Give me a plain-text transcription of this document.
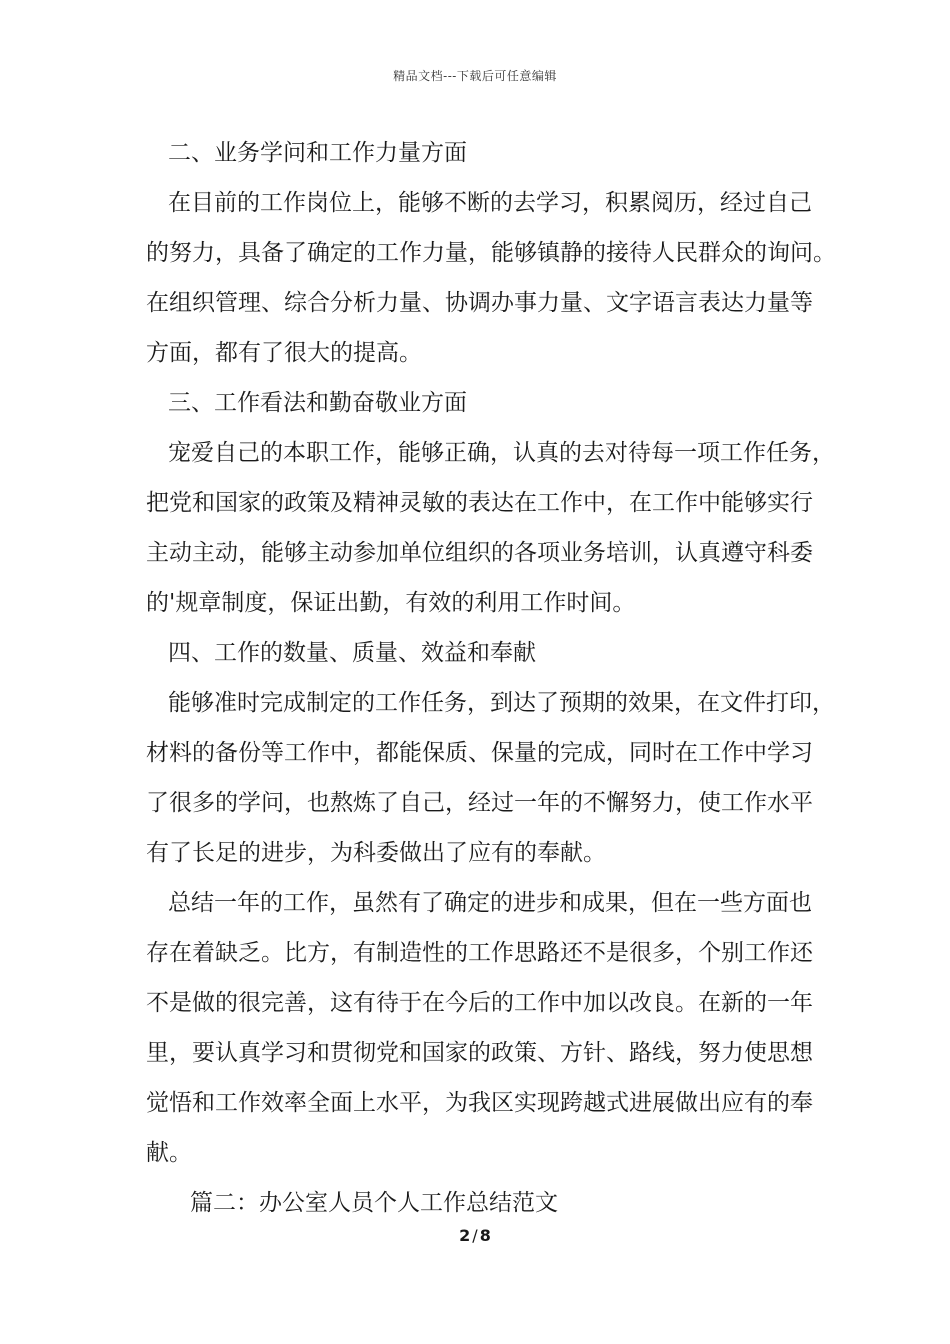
精品文档---下载后可任意编辑
二、业务学问和工作力量方面
在目前的工作岗位上，能够不断的去学习，积累阅历，经过自己
的努力，具备了确定的工作力量，能够镇静的接待人民群众的询问。
在组织管理、综合分析力量、协调办事力量、文字语言表达力量等
方面，都有了很大的提高。
三、工作看法和勤奋敬业方面
宠爱自己的本职工作，能够正确，认真的去对待每一项工作任务，
把党和国家的政策及精神灵敏的表达在工作中，在工作中能够实行
主动主动，能够主动参加单位组织的各项业务培训，认真遵守科委
的'规章制度，保证出勤，有效的利用工作时间。
四、工作的数量、质量、效益和奉献
能够准时完成制定的工作任务，到达了预期的效果，在文件打印，
材料的备份等工作中，都能保质、保量的完成，同时在工作中学习
了很多的学问，也熬炼了自己，经过一年的不懈努力，使工作水平
有了长足的进步，为科委做出了应有的奉献。
总结一年的工作，虽然有了确定的进步和成果，但在一些方面也
存在着缺乏。比方，有制造性的工作思路还不是很多，个别工作还
不是做的很完善，这有待于在今后的工作中加以改良。在新的一年
里，要认真学习和贯彻党和国家的政策、方针、路线，努力使思想
觉悟和工作效率全面上水平，为我区实现跨越式进展做出应有的奉
献。
篇二：办公室人员个人工作总结范文
2 / 8
